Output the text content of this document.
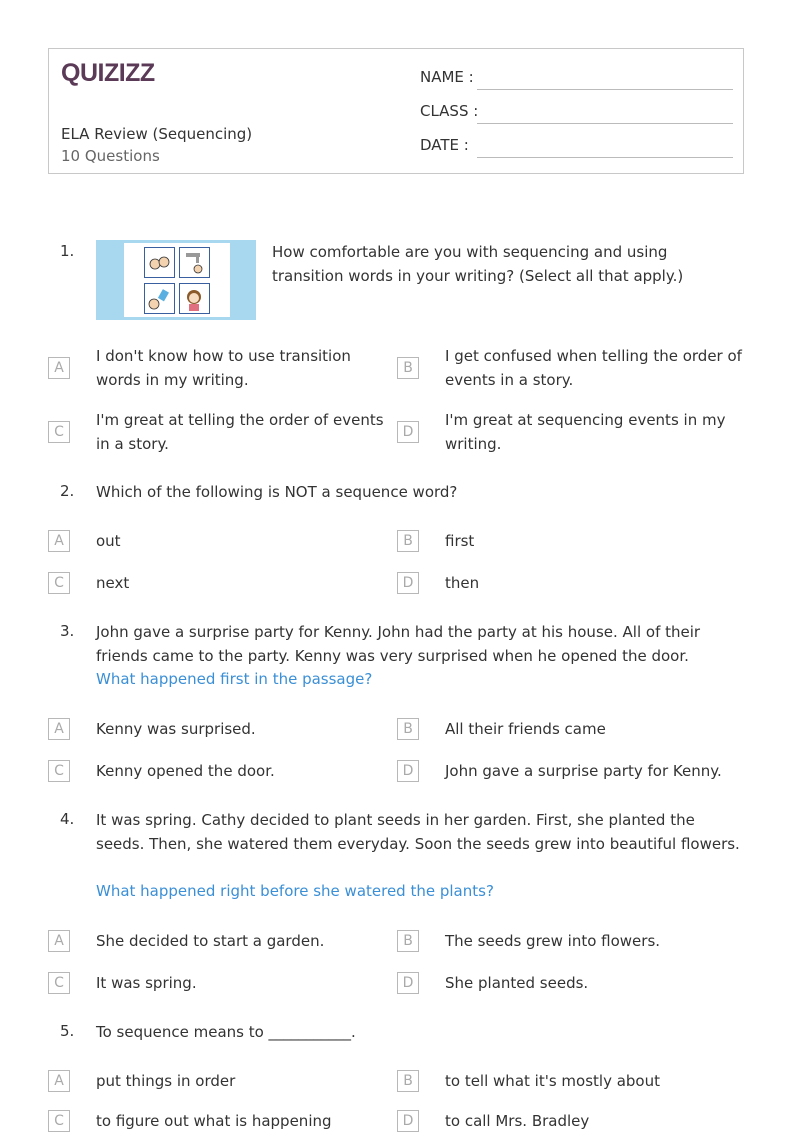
QUIZIZZ
ELA Review (Sequencing)
10 Questions
NAME :
CLASS :
DATE :
1.	How comfortable are you with sequencing and using transition words in your writing? (Select all that apply.)
A
I don't know how to use transition words in my writing.
B
I get confused when telling the order of events in a story.
C
I'm great at telling the order of events in a story.
D
I'm great at sequencing events in my writing.
2. Which of the following is NOT a sequence word?
A	out	B	first
C	next	D	then
3. John gave a surprise party for Kenny. John had the party at his house. All of their friends came to the party. Kenny was very surprised when he opened the door.
What happened first in the passage?
A	Kenny was surprised.	B	All their friends came
C	Kenny opened the door.	D	John gave a surprise party for Kenny.
4. It was spring. Cathy decided to plant seeds in her garden. First, she planted the seeds. Then, she watered them everyday. Soon the seeds grew into beautiful flowers.
What happened right before she watered the plants?
A	She decided to start a garden.	B	The seeds grew into flowers.
C	It was spring.	D	She planted seeds.
5. To sequence means to ___________.
A	put things in order	B	to tell what it's mostly about
C	to figure out what is happening	D	to call Mrs. Bradley
